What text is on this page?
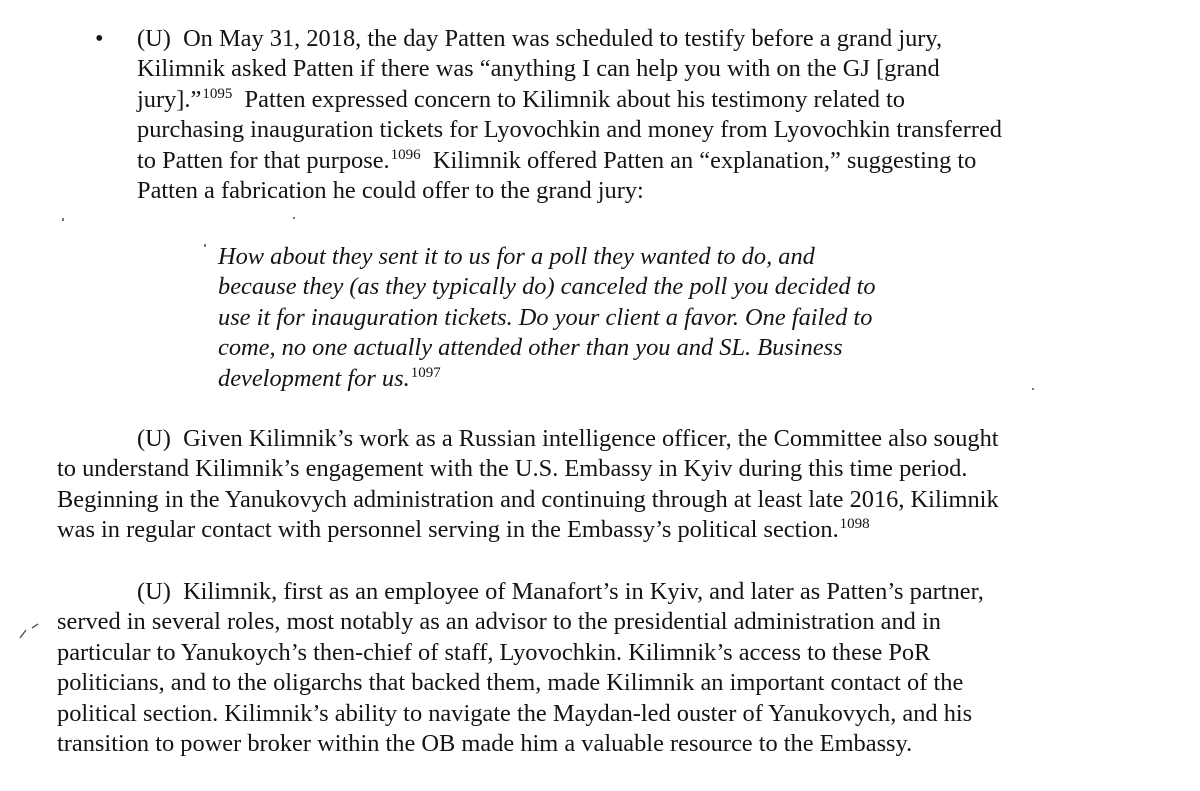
• (U) On May 31, 2018, the day Patten was scheduled to testify before a grand jury,
Kilimnik asked Patten if there was “anything I can help you with on the GJ [grand
jury].”$^{1095}$ Patten expressed concern to Kilimnik about his testimony related to
purchasing inauguration tickets for Lyovochkin and money from Lyovochkin transferred
to Patten for that purpose.$^{1096}$ Kilimnik offered Patten an “explanation,” suggesting to
Patten a fabrication he could offer to the grand jury:
How about they sent it to us for a poll they wanted to do, and
because they (as they typically do) canceled the poll you decided to
use it for inauguration tickets. Do your client a favor. One failed to
come, no one actually attended other than you and SL. Business
development for us.$^{1097}$
(U) Given Kilimnik’s work as a Russian intelligence officer, the Committee also sought
to understand Kilimnik’s engagement with the U.S. Embassy in Kyiv during this time period.
Beginning in the Yanukovych administration and continuing through at least late 2016, Kilimnik
was in regular contact with personnel serving in the Embassy’s political section.$^{1098}$
(U) Kilimnik, first as an employee of Manafort’s in Kyiv, and later as Patten’s partner,
served in several roles, most notably as an advisor to the presidential administration and in
particular to Yanukoych’s then-chief of staff, Lyovochkin. Kilimnik’s access to these PoR
politicians, and to the oligarchs that backed them, made Kilimnik an important contact of the
political section. Kilimnik’s ability to navigate the Maydan-led ouster of Yanukovych, and his
transition to power broker within the OB made him a valuable resource to the Embassy.
